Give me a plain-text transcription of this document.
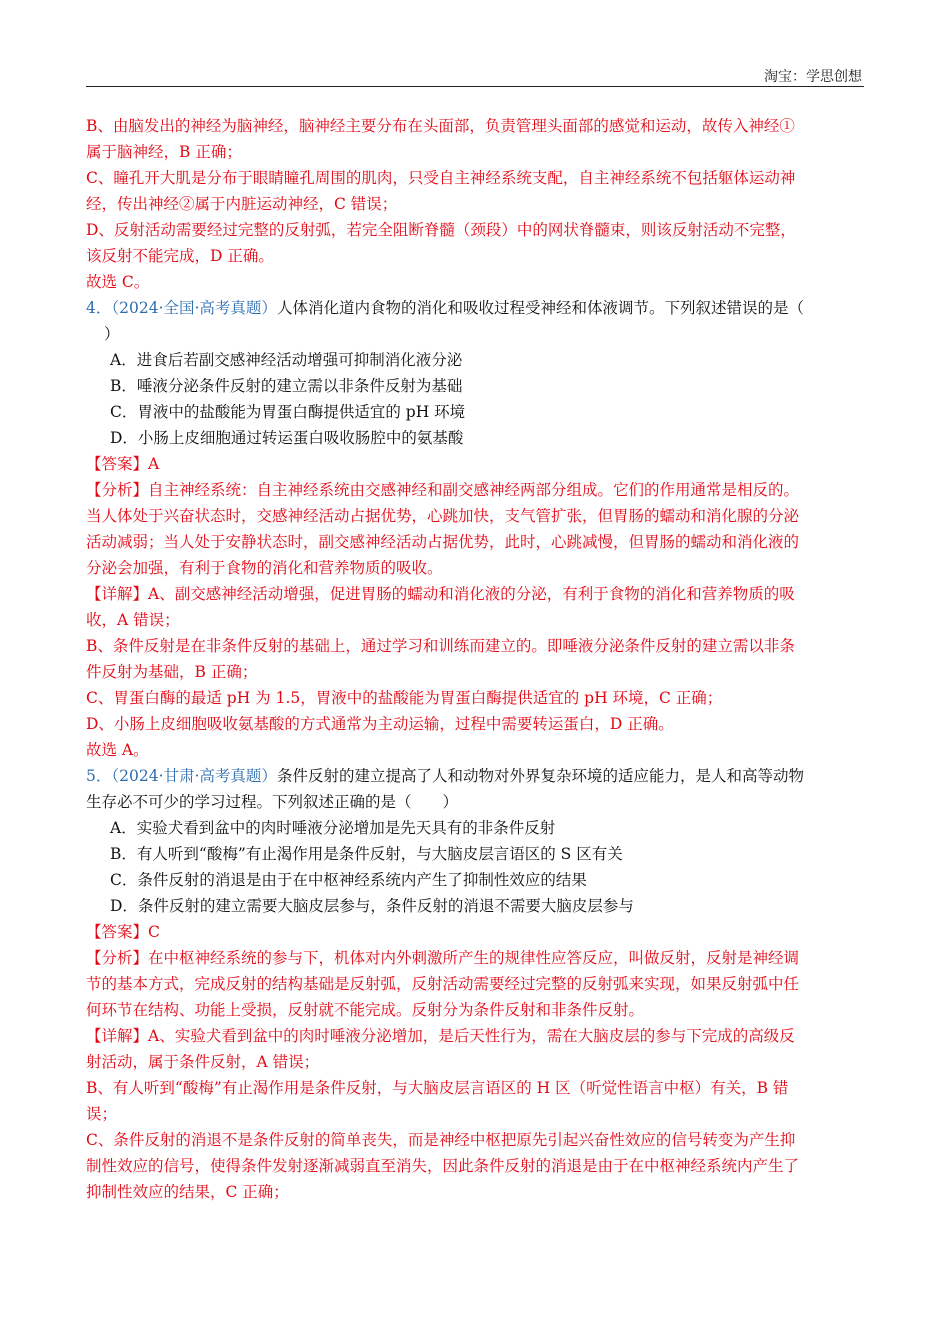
淘宝：学思创想
B、由脑发出的神经为脑神经，脑神经主要分布在头面部，负责管理头面部的感觉和运动，故传入神经①
属于脑神经，B 正确；
C、瞳孔开大肌是分布于眼睛瞳孔周围的肌肉，只受自主神经系统支配，自主神经系统不包括躯体运动神
经，传出神经②属于内脏运动神经，C 错误；
D、反射活动需要经过完整的反射弧，若完全阻断脊髓（颈段）中的网状脊髓束，则该反射活动不完整，
该反射不能完成，D 正确。
故选 C。
4．（2024·全国·高考真题）人体消化道内食物的消化和吸收过程受神经和体液调节。下列叙述错误的是（
）
A．进食后若副交感神经活动增强可抑制消化液分泌
B．唾液分泌条件反射的建立需以非条件反射为基础
C．胃液中的盐酸能为胃蛋白酶提供适宜的 pH 环境
D．小肠上皮细胞通过转运蛋白吸收肠腔中的氨基酸
【答案】A
【分析】自主神经系统：自主神经系统由交感神经和副交感神经两部分组成。它们的作用通常是相反的。
当人体处于兴奋状态时，交感神经活动占据优势，心跳加快，支气管扩张，但胃肠的蠕动和消化腺的分泌
活动减弱；当人处于安静状态时，副交感神经活动占据优势，此时，心跳减慢，但胃肠的蠕动和消化液的
分泌会加强，有利于食物的消化和营养物质的吸收。
【详解】A、副交感神经活动增强，促进胃肠的蠕动和消化液的分泌，有利于食物的消化和营养物质的吸
收，A 错误；
B、条件反射是在非条件反射的基础上，通过学习和训练而建立的。即唾液分泌条件反射的建立需以非条
件反射为基础，B 正确；
C、胃蛋白酶的最适 pH 为 1.5，胃液中的盐酸能为胃蛋白酶提供适宜的 pH 环境，C 正确；
D、小肠上皮细胞吸收氨基酸的方式通常为主动运输，过程中需要转运蛋白，D 正确。
故选 A。
5．（2024·甘肃·高考真题）条件反射的建立提高了人和动物对外界复杂环境的适应能力，是人和高等动物
生存必不可少的学习过程。下列叙述正确的是（　　）
A．实验犬看到盆中的肉时唾液分泌增加是先天具有的非条件反射
B．有人听到“酸梅”有止渴作用是条件反射，与大脑皮层言语区的 S 区有关
C．条件反射的消退是由于在中枢神经系统内产生了抑制性效应的结果
D．条件反射的建立需要大脑皮层参与，条件反射的消退不需要大脑皮层参与
【答案】C
【分析】在中枢神经系统的参与下，机体对内外刺激所产生的规律性应答反应，叫做反射，反射是神经调
节的基本方式，完成反射的结构基础是反射弧，反射活动需要经过完整的反射弧来实现，如果反射弧中任
何环节在结构、功能上受损，反射就不能完成。反射分为条件反射和非条件反射。
【详解】A、实验犬看到盆中的肉时唾液分泌增加，是后天性行为，需在大脑皮层的参与下完成的高级反
射活动，属于条件反射，A 错误；
B、有人听到“酸梅”有止渴作用是条件反射，与大脑皮层言语区的 H 区（听觉性语言中枢）有关，B 错
误；
C、条件反射的消退不是条件反射的简单丧失，而是神经中枢把原先引起兴奋性效应的信号转变为产生抑
制性效应的信号，使得条件发射逐渐减弱直至消失，因此条件反射的消退是由于在中枢神经系统内产生了
抑制性效应的结果，C 正确；
